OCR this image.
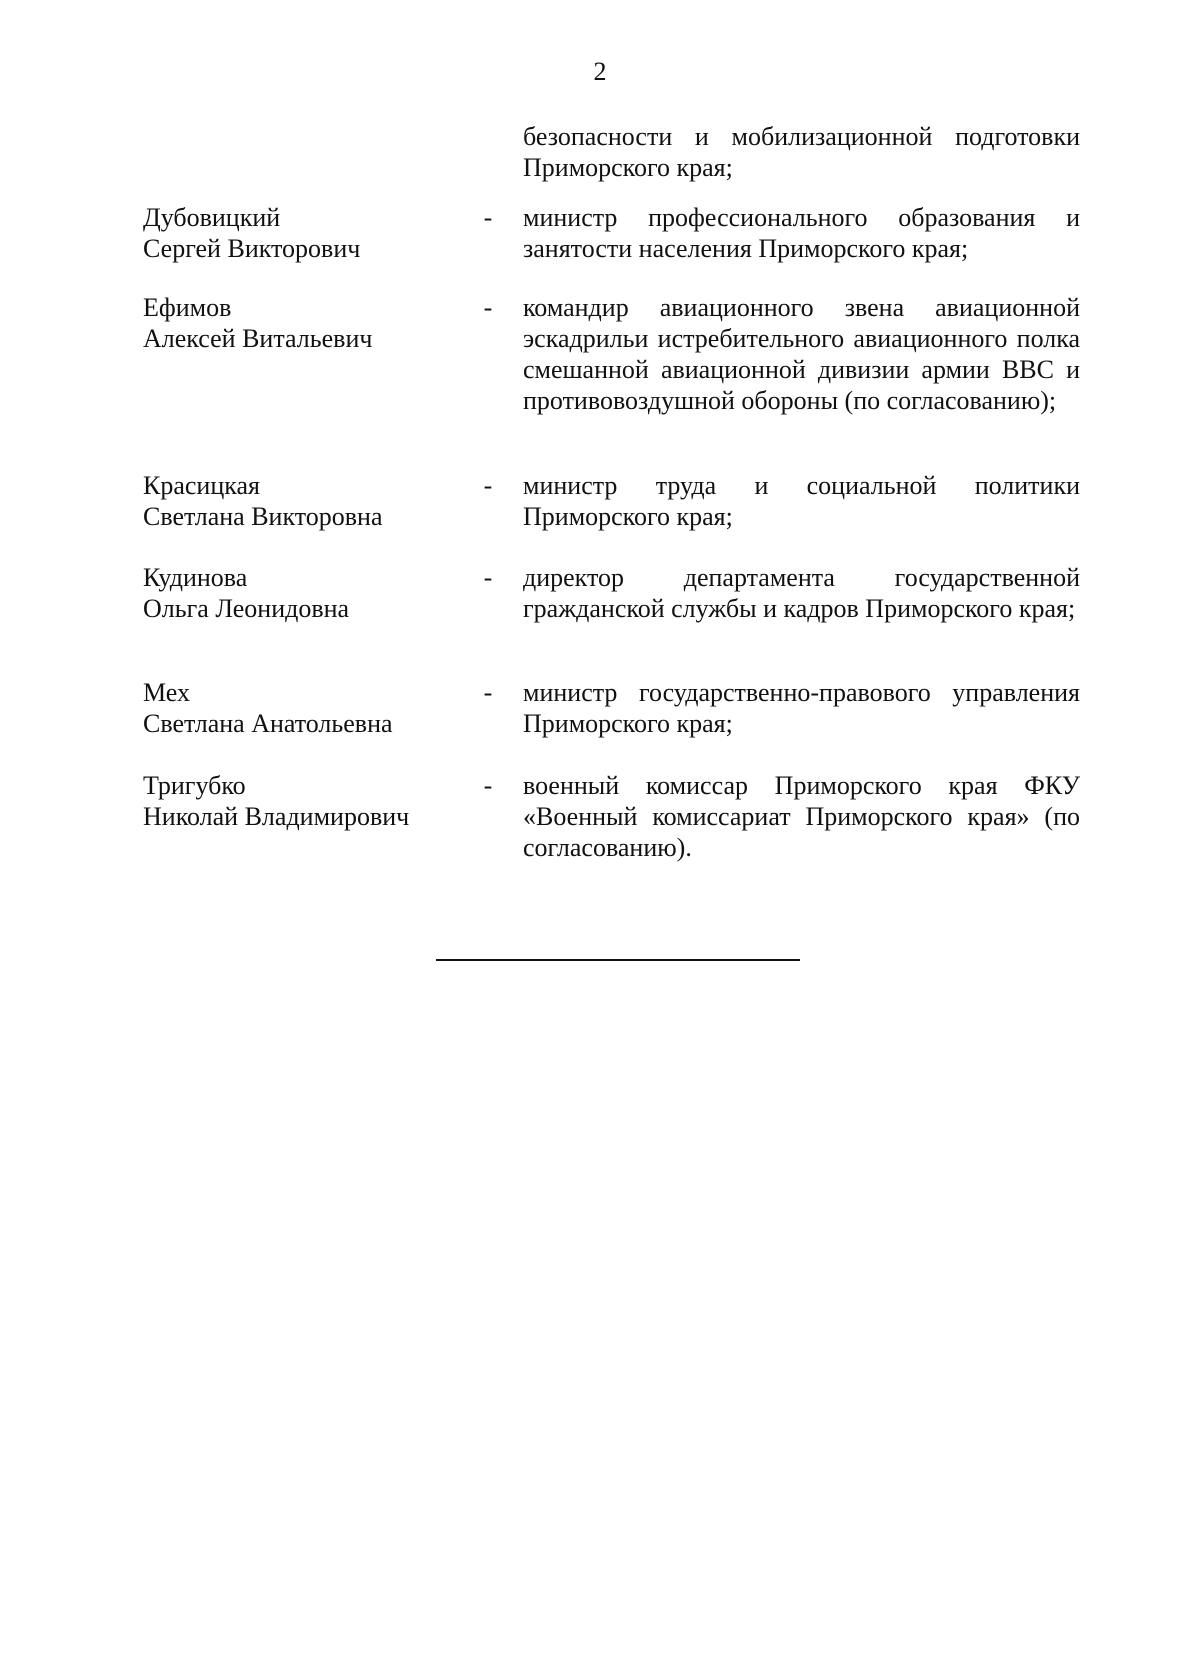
2
безопасности и мобилизационной подготовки Приморского края;
Дубовицкий
Сергей Викторович
- министр профессионального образования и занятости населения Приморского края;
Ефимов
Алексей Витальевич
- командир авиационного звена авиационной эскадрильи истребительного авиационного полка смешанной авиационной дивизии армии ВВС и противовоздушной обороны (по согласованию);
Красицкая
Светлана Викторовна
- министр труда и социальной политики Приморского края;
Кудинова
Ольга Леонидовна
- директор департамента государственной гражданской службы и кадров Приморского края;
Мех
Светлана Анатольевна
- министр государственно-правового управления Приморского края;
Тригубко
Николай Владимирович
- военный комиссар Приморского края ФКУ «Военный комиссариат Приморского края» (по согласованию).
